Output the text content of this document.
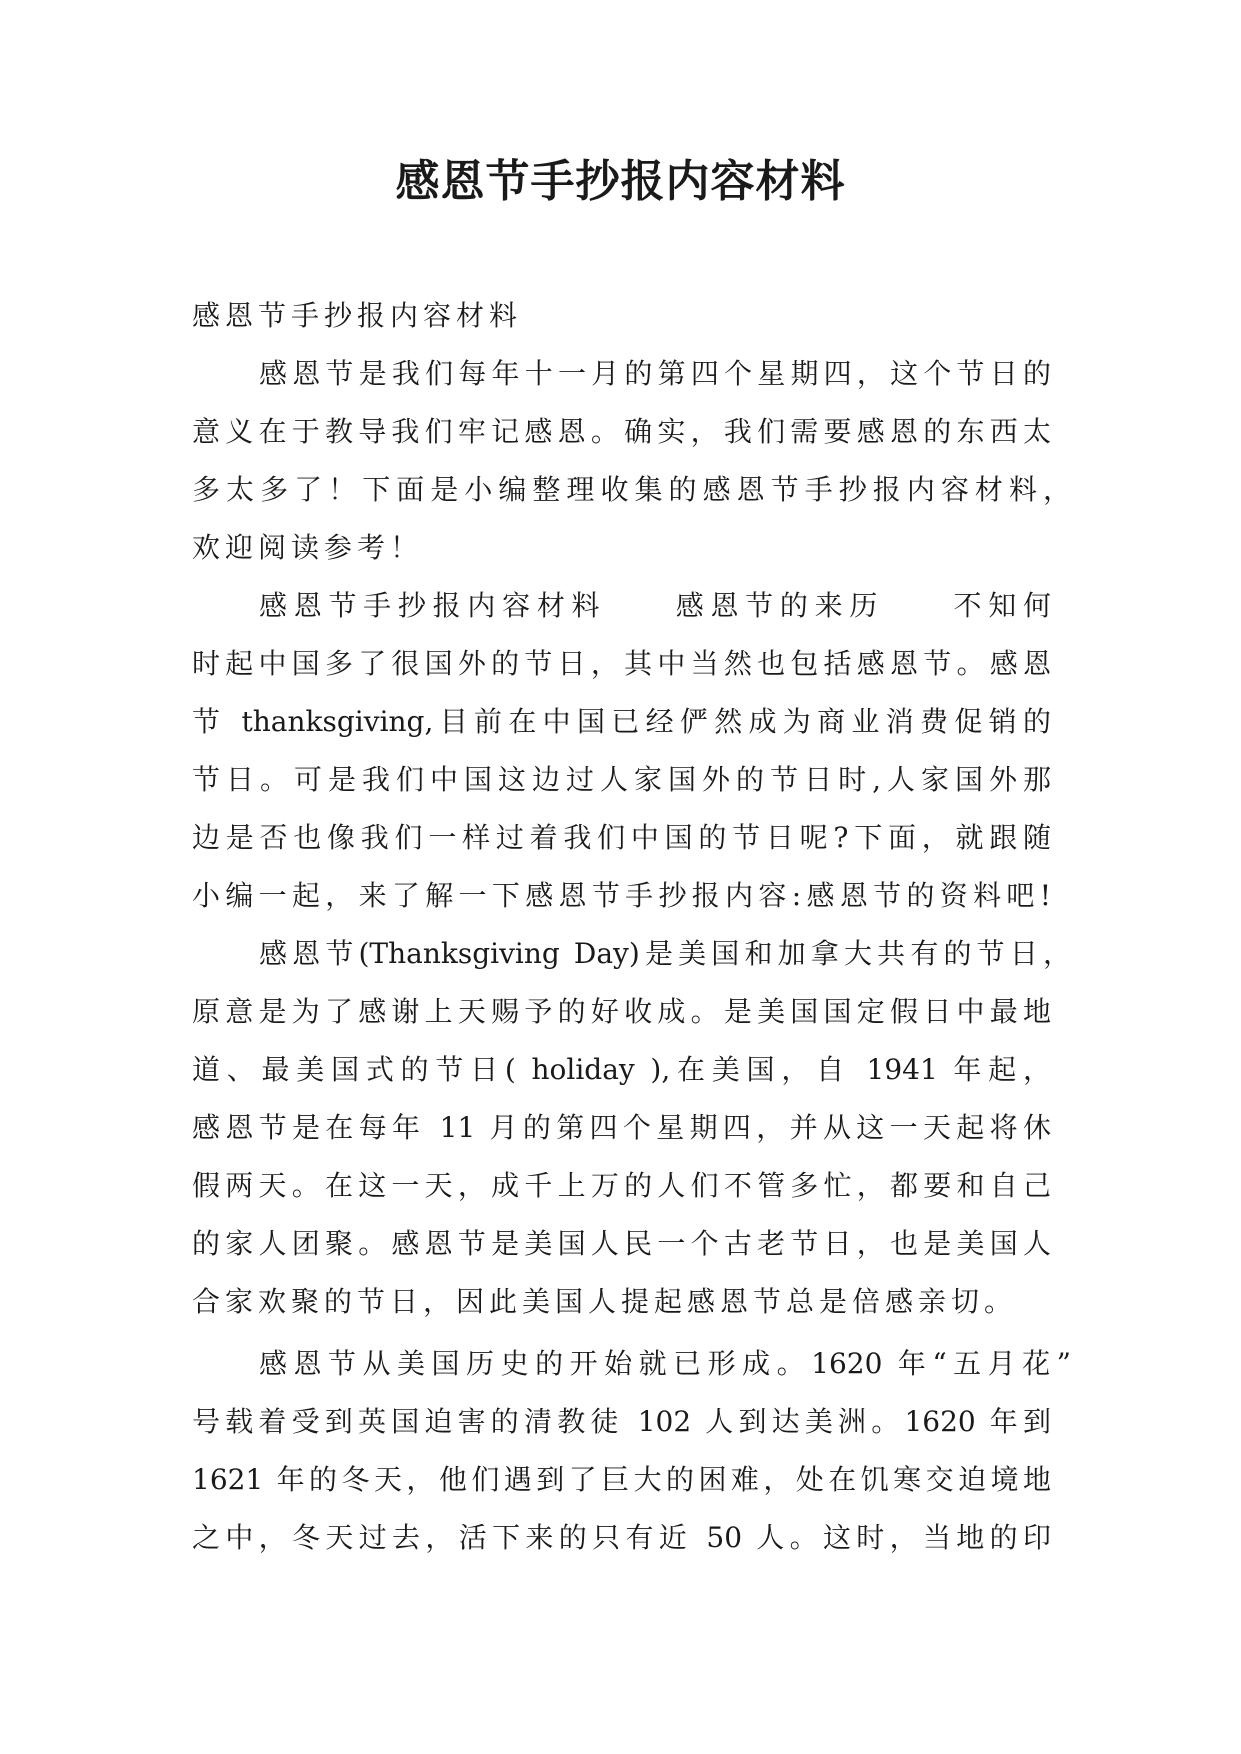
感恩节手抄报内容材料
感恩节手抄报内容材料
感恩节是我们每年十一月的第四个星期四，这个节日的
意义在于教导我们牢记感恩。确实，我们需要感恩的东西太
多太多了！下面是小编整理收集的感恩节手抄报内容材料，
欢迎阅读参考！
感恩节手抄报内容材料　　感恩节的来历　　不知何
时起中国多了很国外的节日，其中当然也包括感恩节。感恩
节 thanksgiving,目前在中国已经俨然成为商业消费促销的
节日。可是我们中国这边过人家国外的节日时,人家国外那
边是否也像我们一样过着我们中国的节日呢?下面，就跟随
小编一起，来了解一下感恩节手抄报内容:感恩节的资料吧!
感恩节(Thanksgiving Day)是美国和加拿大共有的节日，
原意是为了感谢上天赐予的好收成。是美国国定假日中最地
道、最美国式的节日( holiday ),在美国，自 1941 年起，
感恩节是在每年 11 月的第四个星期四，并从这一天起将休
假两天。在这一天，成千上万的人们不管多忙，都要和自己
的家人团聚。感恩节是美国人民一个古老节日，也是美国人
合家欢聚的节日，因此美国人提起感恩节总是倍感亲切。
感恩节从美国历史的开始就已形成。1620 年“五月花”
号载着受到英国迫害的清教徒 102 人到达美洲。1620 年到
1621 年的冬天，他们遇到了巨大的困难，处在饥寒交迫境地
之中，冬天过去，活下来的只有近 50 人。这时，当地的印
